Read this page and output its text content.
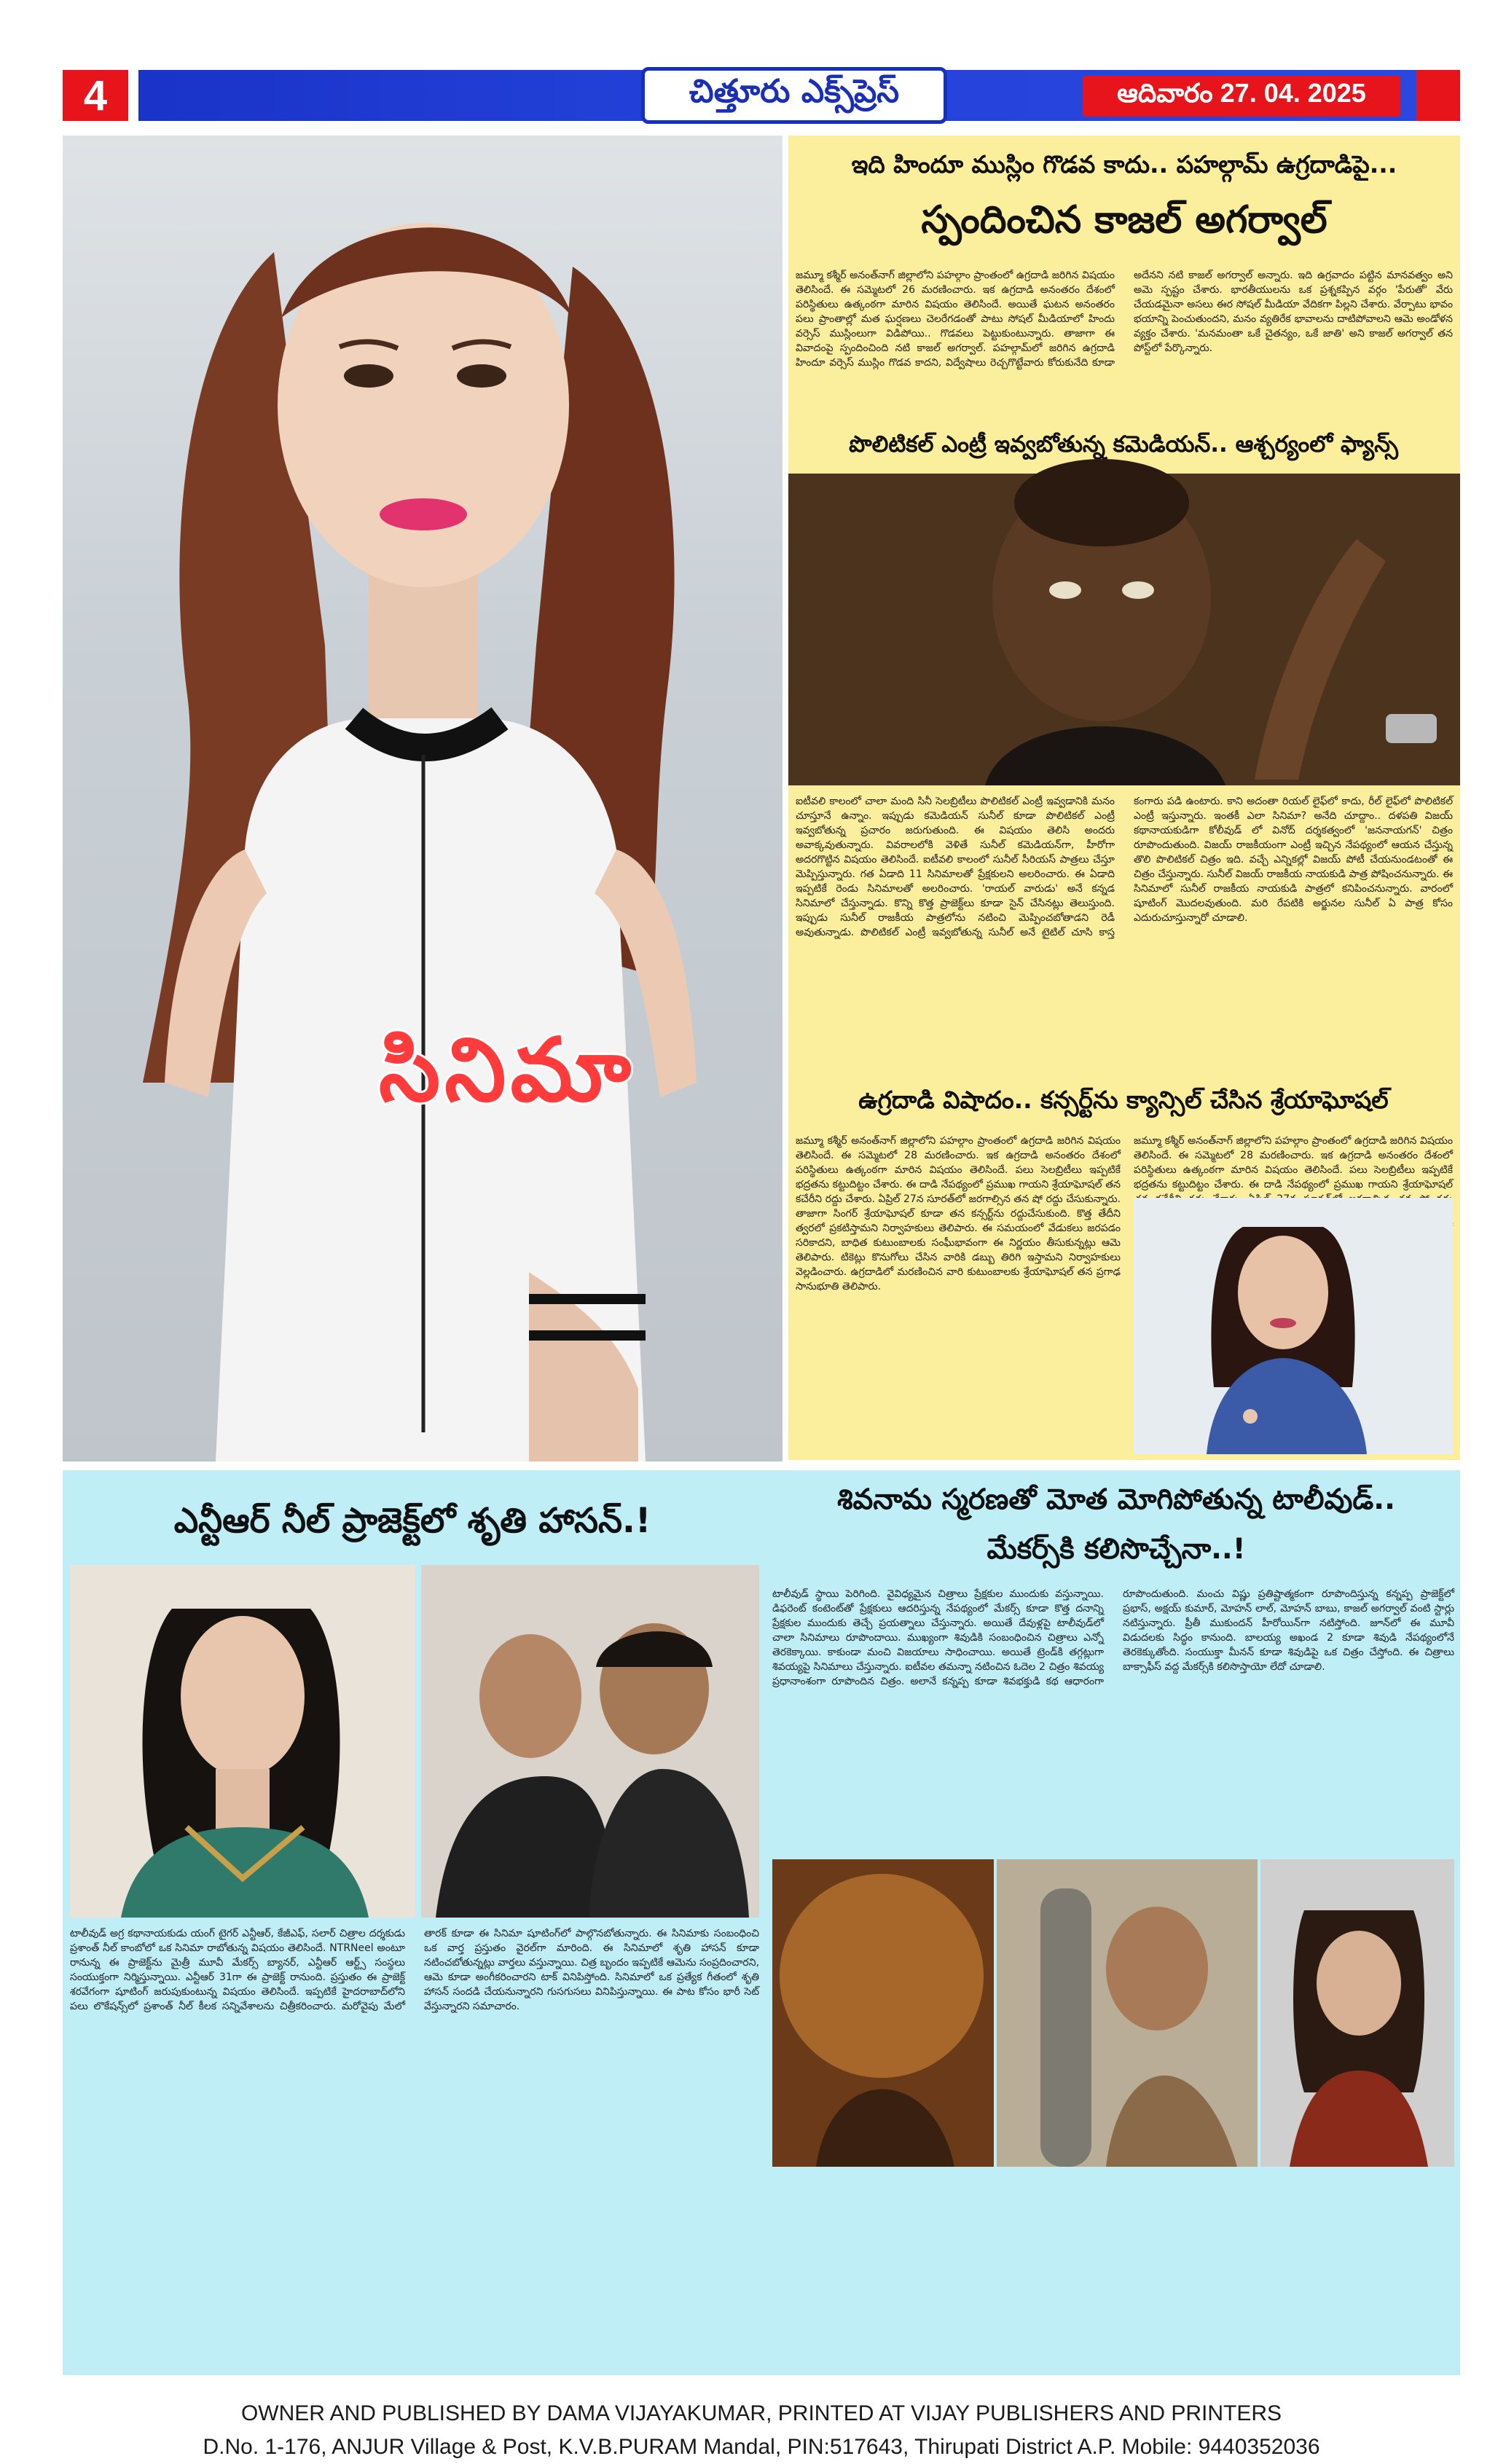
4	చిత్తూరు ఎక్స్‌ప్రెస్	ఆదివారం 27. 04. 2025
సినిమా
ఇది హిందూ ముస్లిం గొడవ కాదు.. పహల్గామ్ ఉగ్రదాడిపై...
స్పందించిన కాజల్ అగర్వాల్
జమ్మూ కశ్మీర్ అనంత్‌నాగ్ జిల్లాలోని పహల్గాం ప్రాంతంలో ఉగ్రదాడి జరిగిన విషయం తెలిసిందే. ఈ సమ్మెటలో 26 మరణించారు. ఇక ఉగ్రదాడి అనంతరం దేశంలో పరిస్థితులు ఉత్కంఠగా మారిన విషయం తెలిసిందే. అయితే ఘటన అనంతరం పలు ప్రాంతాల్లో మత ఘర్షణలు చెలరేగడంతో పాటు సోషల్ మీడియాలో హిందు వర్సెస్ ముస్లింలుగా విడిపోయి.. గొడవలు పెట్టుకుంటున్నారు. తాజాగా ఈ వివాదంపై స్పందించింది నటి కాజల్ అగర్వాల్. పహల్గామ్‌లో జరిగిన ఉగ్రదాడి హిందూ వర్సెస్ ముస్లిం గొడవ కాదని, విద్వేషాలు రెచ్చగొట్టేవారు కోరుకునేది కూడా అదేనని నటి కాజల్ అగర్వాల్ అన్నారు. ఇది ఉగ్రవాదం పట్టిన మానవత్వం అని అమె స్పష్టం చేశారు. భారతీయులను ఒక ప్రశ్నకప్పిన వర్గం 'పేరుతో' వేరు చేయడమైనా అసలు ఈర సోషల్ మీడియా వేదికగా పిల్లని చేశారు. వేర్పాటు భావం భయాన్ని పెంచుతుందని, మనం వ్యతిరేక భావాలను దాటిపోవాలని ఆమె అండోళన వ్యక్తం చేశారు. 'మనమంతా ఒకే చైతన్యం, ఒకే జాతి' అని కాజల్ అగర్వాల్ తన పోస్ట్‌లో పేర్కొన్నారు.
పొలిటికల్ ఎంట్రీ ఇవ్వబోతున్న కమెడియన్.. ఆశ్చర్యంలో ఫ్యాన్స్
ఐటీవలి కాలంలో చాలా మంది సినీ సెలబ్రిటీలు పొలిటికల్ ఎంట్రీ ఇవ్వడానికి మనం చూస్తూనే ఉన్నాం. ఇప్పుడు కమెడియన్ సునీల్ కూడా పొలిటికల్ ఎంట్రీ ఇవ్వబోతున్న ప్రచారం జరుగుతుంది. ఈ విషయం తెలిసి అందరు అవాక్కవుతున్నారు. వివరాలలోకి వెళితే సునీల్ కమెడియన్‌గా, హీరోగా అదరగొట్టిన విషయం తెలిసిందే. ఐటీవలి కాలంలో సునీల్ సీరియస్ పాత్రలు చేస్తూ మెప్పిస్తున్నారు. గత ఏడాది 11 సినిమాలతో ప్రేక్షకులని అలరించారు. ఈ ఏడాది ఇప్పటికే రెండు సినిమాలతో అలరించారు. 'రాయల్ వారుడు' అనే కన్నడ సినిమాలో చేస్తున్నాడు. కొన్ని కొత్త ప్రాజెక్ట్‌లు కూడా సైన్ చేసినట్లు తెలుస్తుంది. ఇప్పుడు సునీల్ రాజకీయ పాత్రలోను నటించి మెప్పించబోతాడని రెడీ అవుతున్నాడు. పొలిటికల్ ఎంట్రీ ఇవ్వబోతున్న సునీల్ అనే టైటిల్ చూసి కాస్త కంగారు పడి ఉంటారు. కాని అదంతా రియల్ లైఫ్‌లో కాదు, రీల్ లైఫ్‌లో పొలిటికల్ ఎంట్రీ ఇస్తున్నారు. ఇంతకీ ఎలా సినిమా? అనేది చూద్దాం.. దళపతి విజయ్ కథానాయకుడిగా కోలీవుడ్ లో వినోద్ దర్శకత్వంలో 'జననాయగన్' చిత్రం రూపొందుతుంది. విజయ్ రాజకీయంగా ఎంట్రీ ఇచ్చిన నేపథ్యంలో ఆయన చేస్తున్న తొలి పొలిటికల్ చిత్రం ఇది. వచ్చే ఎన్నికల్లో విజయ్ పోటీ చేయనుండటంతో ఈ చిత్రం చేస్తున్నారు. సునీల్ విజయ్ రాజకీయ నాయకుడి పాత్ర పోషించనున్నారు. ఈ సినిమాలో సునీల్ రాజకీయ నాయకుడి పాత్రలో కనిపించనున్నారు. వారంలో షూటింగ్ మొదలవుతుంది. మరి రేపటికి అర్జునల సునీల్ ఏ పాత్ర కోసం ఎదురుచూస్తున్నారో చూడాలి.
ఉగ్రదాడి విషాదం.. కన్సర్ట్‌ను క్యాన్సిల్ చేసిన శ్రేయాఘోషల్
జమ్మూ కశ్మీర్ అనంత్‌నాగ్ జిల్లాలోని పహల్గాం ప్రాంతంలో ఉగ్రదాడి జరిగిన విషయం తెలిసిందే. ఈ సమ్మెటలో 28 మరణించారు. ఇక ఉగ్రదాడి అనంతరం దేశంలో పరిస్థితులు ఉత్కంఠగా మారిన విషయం తెలిసిందే. పలు సెలబ్రిటీలు ఇప్పటికే భద్రతను కట్టుదిట్టం చేశారు. ఈ దాడి నేపథ్యంలో ప్రముఖ గాయని శ్రేయాఘోషల్ తన కచేరీని రద్దు చేశారు. ఏప్రిల్ 27న సూరత్‌లో జరగాల్సిన తన షో రద్దు చేసుకున్నారు. తాజాగా సింగర్ శ్రేయాఘోషల్ కూడా తన కన్సర్ట్‌ను రద్దుచేసుకుంది. కొత్త తేదీని త్వరలో ప్రకటిస్తామని నిర్వాహకులు తెలిపారు. ఈ సమయంలో వేడుకలు జరపడం సరికాదని, బాధిత కుటుంబాలకు సంఘీభావంగా ఈ నిర్ణయం తీసుకున్నట్లు ఆమె తెలిపారు. టికెట్లు కొనుగోలు చేసిన వారికి డబ్బు తిరిగి ఇస్తామని నిర్వాహకులు వెల్లడించారు. ఉగ్రదాడిలో మరణించిన వారి కుటుంబాలకు శ్రేయాఘోషల్ తన ప్రగాఢ సానుభూతి తెలిపారు.
జమ్మూ కశ్మీర్ అనంత్‌నాగ్ జిల్లాలోని పహల్గాం ప్రాంతంలో ఉగ్రదాడి జరిగిన విషయం తెలిసిందే. ఈ సమ్మెటలో 28 మరణించారు. ఇక ఉగ్రదాడి అనంతరం దేశంలో పరిస్థితులు ఉత్కంఠగా మారిన విషయం తెలిసిందే. పలు సెలబ్రిటీలు ఇప్పటికే భద్రతను కట్టుదిట్టం చేశారు. ఈ దాడి నేపథ్యంలో ప్రముఖ గాయని శ్రేయాఘోషల్
ఎన్టీఆర్ నీల్ ప్రాజెక్ట్‌లో శృతి హాసన్.!
టాలీవుడ్ అగ్ర కథానాయకుడు యంగ్ టైగర్ ఎన్టీఆర్, కేజీఎఫ్, సలార్ చిత్రాల దర్శకుడు ప్రశాంత్ నీల్ కాంబోలో ఒక సినిమా రాబోతున్న విషయం తెలిసిందే. NTRNeel అంటూ రానున్న ఈ ప్రాజెక్ట్‌ను మైత్రీ మూవీ మేకర్స్ బ్యానర్, ఎన్టీఆర్ ఆర్ట్స్ సంస్థలు సంయుక్తంగా నిర్మిస్తున్నాయి. ఎన్టీఆర్ 31గా ఈ ప్రాజెక్ట్ రానుంది. ప్రస్తుతం ఈ ప్రాజెక్ట్ శరవేగంగా షూటింగ్ జరుపుకుంటున్న విషయం తెలిసిందే. ఇప్పటికే హైదరాబాద్‌లోని పలు లొకేషన్స్‌లో ప్రశాంత్ నీల్ కీలక సన్నివేశాలను చిత్రీకరించారు. మరోవైపు మేలో తారక్ కూడా ఈ సినిమా షూటింగ్‌లో పాల్గొనబోతున్నారు. ఈ సినిమాకు సంబంధించి ఒక వార్త ప్రస్తుతం వైరల్‌గా మారింది. ఈ సినిమాలో శృతి హాసన్ కూడా నటించబోతున్నట్లు వార్తలు వస్తున్నాయి. చిత్ర బృందం ఇప్పటికే ఆమెను సంప్రదించారని, ఆమె కూడా అంగీకరించారని టాక్ వినిపిస్తోంది. సినిమాలో ఒక ప్రత్యేక గీతంలో శృతి హాసన్ సందడి చేయనున్నారని గుసగుసలు వినిపిస్తున్నాయి. ఈ పాట కోసం భారీ సెట్ వేస్తున్నారని సమాచారం.
శివనామ స్మరణతో మోత మోగిపోతున్న టాలీవుడ్..
మేకర్స్‌కి కలిసొచ్చేనా..!
టాలీవుడ్ స్థాయి పెరిగింది. వైవిధ్యమైన చిత్రాలు ప్రేక్షకుల ముందుకు వస్తున్నాయి. డిఫరెంట్ కంటెంట్‌తో ప్రేక్షకులు ఆదరిస్తున్న నేపథ్యంలో మేకర్స్ కూడా కొత్త దనాన్ని ప్రేక్షకుల ముందుకు తెచ్చే ప్రయత్నాలు చేస్తున్నారు. అయితే దేవుళ్లపై టాలీవుడ్‌లో చాలా సినిమాలు రూపొందాయి. ముఖ్యంగా శివుడికి సంబంధించిన చిత్రాలు ఎన్నో తెరకెక్కాయి. కాకుండా మంచి విజయాలు సాధించాయి. అయితే ట్రెండ్‌కి తగ్గట్లుగా శివయ్యపై సినిమాలు చేస్తున్నారు. ఐటీవల తమన్నా నటించిన ఓదెల 2 చిత్రం శివయ్య ప్రధానాంశంగా రూపొందిన చిత్రం. అలానే కన్నప్ప కూడా శివభక్తుడి కథ ఆధారంగా రూపొందుతుంది. మంచు విష్ణు ప్రతిష్టాత్మకంగా రూపొందిస్తున్న కన్నప్ప ప్రాజెక్ట్‌లో ప్రభాస్, అక్షయ్ కుమార్, మోహన్ లాల్, మోహన్ బాబు, కాజల్ అగర్వాల్ వంటి స్టార్లు నటిస్తున్నారు. ప్రీతీ ముకుందన్ హీరోయిన్‌గా నటిస్తోంది. జూన్‌లో ఈ మూవీ విడుదలకు సిద్ధం కానుంది. బాలయ్య అఖండ 2 కూడా శివుడి నేపథ్యంలోనే తెరకెక్కుతోంది. సంయుక్తా మీనన్ కూడా శివుడిపై ఒక చిత్రం చేస్తోంది. ఈ చిత్రాలు బాక్సాఫీస్ వద్ద మేకర్స్‌కి కలిసొస్తాయో లేదో చూడాలి.
OWNER AND PUBLISHED BY DAMA VIJAYAKUMAR, PRINTED AT VIJAY PUBLISHERS AND PRINTERS
D.No. 1-176, ANJUR Village & Post, K.V.B.PURAM Mandal, PIN:517643, Thirupati District A.P. Mobile: 9440352036
